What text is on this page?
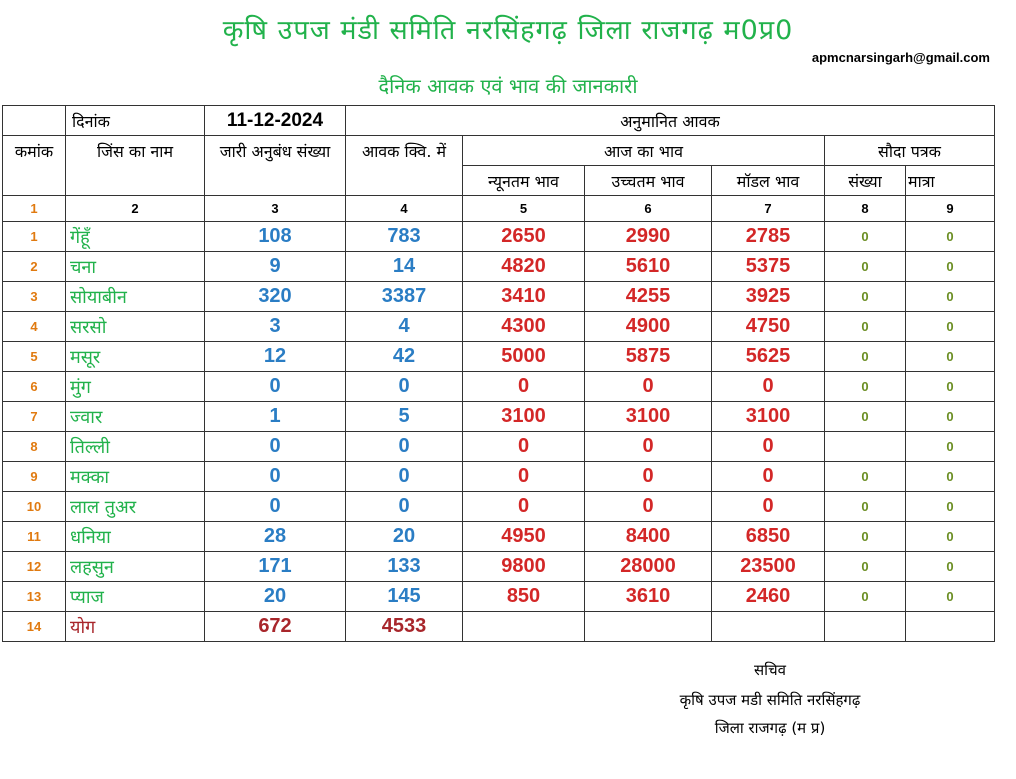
कृषि उपज मंडी समिति नरसिंहगढ़ जिला राजगढ़ म0प्र0
apmcnarsingarh@gmail.com
दैनिक आवक एवं भाव की जानकारी
	दिनांक	11-12-2024	अनुमानित आवक					
कमांक	जिंस का नाम	जारी अनुबंध संख्या	आवक क्वि. में	आज का भाव			सौदा पत्रक	
				न्यूनतम भाव	उच्चतम भाव	मॉडल भाव	संख्या	मात्रा
1	2	3	4	5	6	7	8	9
1	गेंहूँ	108	783	2650	2990	2785	0	0
2	चना	9	14	4820	5610	5375	0	0
3	सोयाबीन	320	3387	3410	4255	3925	0	0
4	सरसो	3	4	4300	4900	4750	0	0
5	मसूर	12	42	5000	5875	5625	0	0
6	मुंग	0	0	0	0	0	0	0
7	ज्वार	1	5	3100	3100	3100	0	0
8	तिल्ली	0	0	0	0	0		0
9	मक्का	0	0	0	0	0	0	0
10	लाल तुअर	0	0	0	0	0	0	0
11	धनिया	28	20	4950	8400	6850	0	0
12	लहसुन	171	133	9800	28000	23500	0	0
13	प्याज	20	145	850	3610	2460	0	0
14	योग	672	4533					
सचिव
कृषि उपज मडी समिति नरसिंहगढ़
जिला राजगढ़ (म प्र)
